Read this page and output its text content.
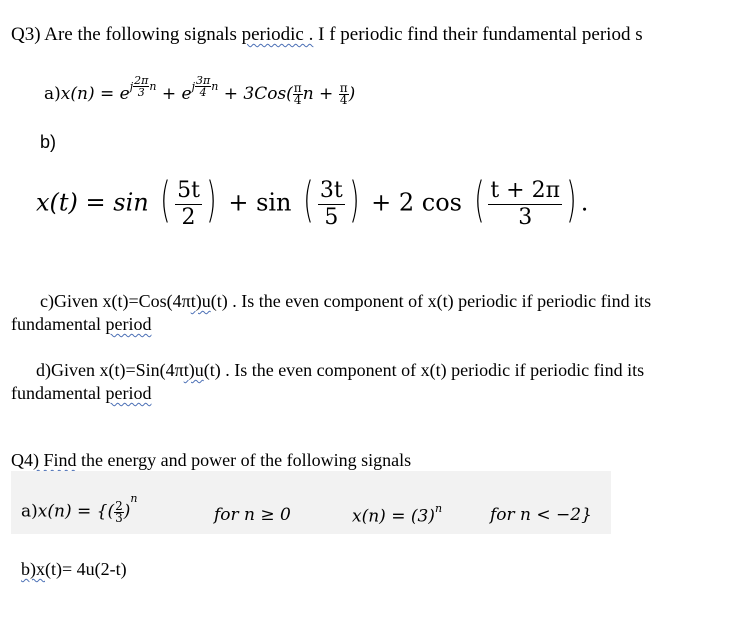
Q3) Are the following signals periodic . I f periodic find their fundamental period s
$a)x(n) = e^{j \frac{2\pi}{3} n} + e^{j \frac{3\pi}{4} n} + 3Cos( \frac{\pi}{4}$ $n + \frac{\pi}{4}$ )
b)
x(t) = sin ( $\frac{5t}{2}$ ) + sin ( $\frac{3t}{5}$ ) + 2 cos ( $\frac{t + 2\pi}{3}$ ) .
c)Given x(t)=Cos(4πt)u(t) . Is the even component of x(t) periodic if periodic find its
fundamental period
d)Given x(t)=Sin(4πt)u(t) . Is the even component of x(t) periodic if periodic find its
fundamental period
Q4) Find the energy and power of the following signals
a)x(n) = {( $\frac{2}{3} )^n$
for n ≥ 0	$x(n) = (3)^n$	for n < −2}
b)x(t)= 4u(2-t)
